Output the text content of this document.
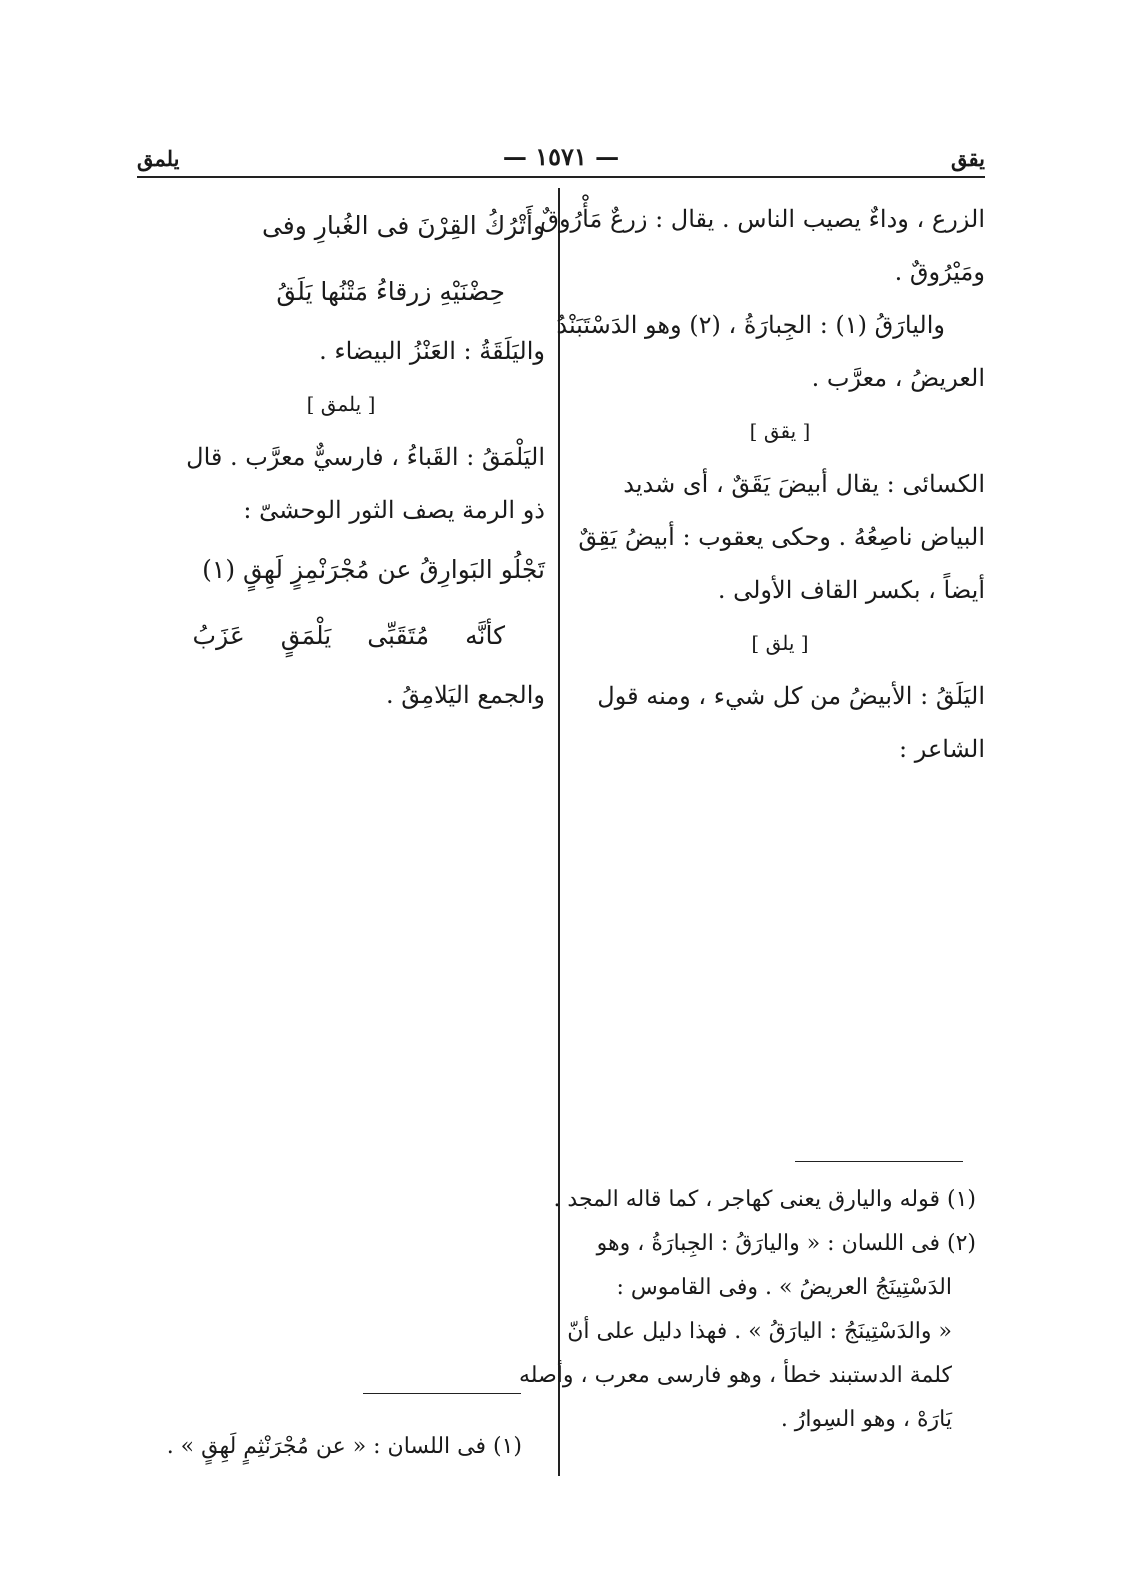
يقق
— ١٥٧١ —
يلمق
الزرع ، وداءٌ يصيب الناس . يقال : زرعٌ مَأْرُوقٌ
ومَيْرُوقٌ .
واليارَقُ (١) : الجِبارَةُ ، (٢) وهو الدَسْتَبَنْدُ
العريضُ ، معرَّب .
[ يقق ]
الكسائى : يقال أبيضَ يَقَقٌ ، أى شديد
البياض ناصِعُهُ . وحكى يعقوب : أبيضُ يَقِقٌ
أيضاً ، بكسر القاف الأولى .
[ يلق ]
اليَلَقُ : الأبيضُ من كل شيء ، ومنه قول
الشاعر :
وأَتْرُكُ القِرْنَ فى الغُبارِ وفى
حِضْنَيْهِ زرقاءُ مَتْنُها يَلَقُ
واليَلَقَةُ : العَنْزُ البيضاء .
[ يلمق ]
اليَلْمَقُ : القَباءُ ، فارسيٌّ معرَّب . قال
ذو الرمة يصف الثور الوحشىّ :
تَجْلُو البَوارِقُ عن مُجْرَنْمِزٍ لَهِقٍ (١)
كأنَّه مُتَقَبِّى يَلْمَقٍ عَزَبُ
والجمع اليَلامِقُ .
(١) قوله واليارق يعنى كهاجر ، كما قاله المجد .
(٢) فى اللسان : « واليارَقُ : الجِبارَةُ ، وهو
الدَسْتِينَجُ العريضُ » . وفى القاموس :
« والدَسْتِينَجُ : اليارَقُ » . فهذا دليل على أنّ
كلمة الدستبند خطأ ، وهو فارسى معرب ، وأصله
يَارَهْ ، وهو السِوارُ .
(١) فى اللسان : « عن مُجْرَنْثِمٍ لَهِقٍ » .
